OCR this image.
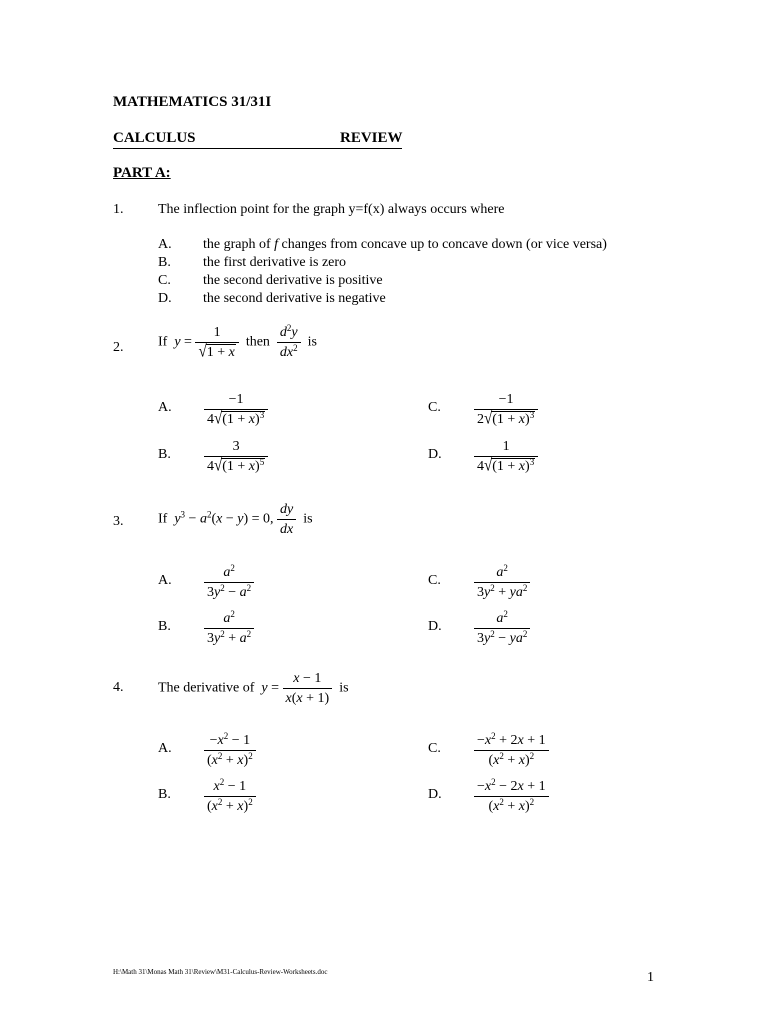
MATHEMATICS 31/31I
CALCULUS	REVIEW
PART A:
1. The inflection point for the graph y=f(x) always occurs where
A. the graph of f changes from concave up to concave down (or vice versa)
B. the first derivative is zero
C. the second derivative is positive
D. the second derivative is negative
2. If $y = \frac{1}{√1 + x}$ then $\frac{d^2y}{dx^2}$ is
A.	$\frac{-1}{4√(1 + x)^3}$
B.	$\frac{3}{4√(1 + x)^5}$
C.	$\frac{-1}{2√(1 + x)^3}$
D.	$\frac{1}{4√(1 + x)^3}$
3. If $y^3 - a^2(x - y) = 0$, $\frac{dy}{dx}$ is
A.	$\frac{a^2}{3y^2 - a^2}$
B.	$\frac{a^2}{3y^2 + a^2}$
C.	$\frac{a^2}{3y^2 + ya^2}$
D.	$\frac{a^2}{3y^2 - ya^2}$
4. The derivative of $y = \frac{x - 1}{x(x + 1)}$ is
A.	$\frac{-x^2 - 1}{(x^2 + x)^2}$
B.	$\frac{x^2 - 1}{(x^2 + x)^2}$
C.	$\frac{-x^2 + 2x + 1}{(x^2 + x)^2}$
D.	$\frac{-x^2 - 2x + 1}{(x^2 + x)^2}$
H:\Math 31\Monas Math 31\Review\M31-Calculus-Review-Worksheets.doc	1
